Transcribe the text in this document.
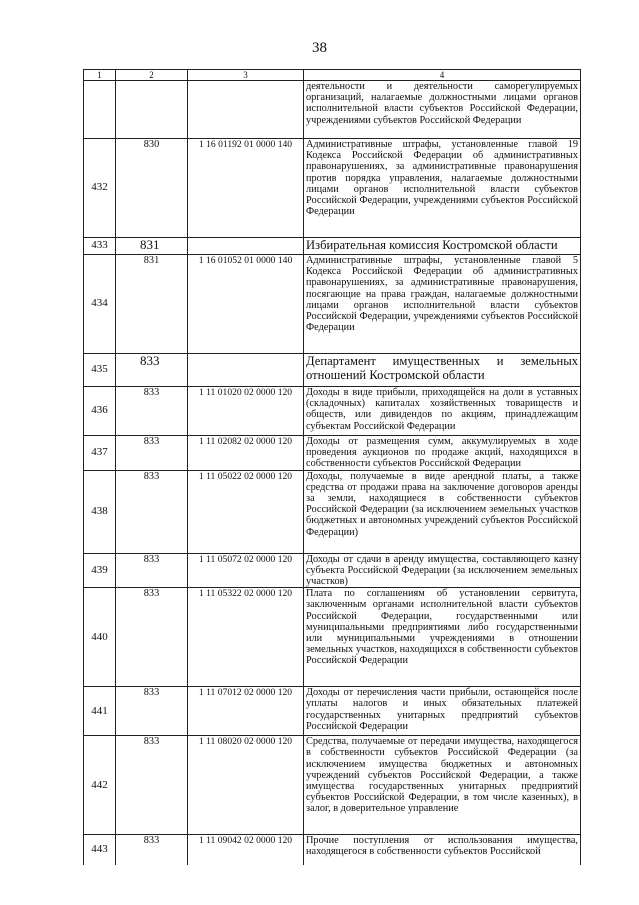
38
1	2	3	4
			деятельности и деятельности саморегулируемых организаций, налагаемые должностными лицами органов исполнительной власти субъектов Российской Федерации, учреждениями субъектов Российской Федерации
432	830	1 16 01192 01 0000 140	Административные штрафы, установленные главой 19 Кодекса Российской Федерации об административных правонарушениях, за административные правонарушения против порядка управления, налагаемые должностными лицами органов исполнительной власти субъектов Российской Федерации, учреждениями субъектов Российской Федерации
433	831		Избирательная комиссия Костромской области
434	831	1 16 01052 01 0000 140	Административные штрафы, установленные главой 5 Кодекса Российской Федерации об административных правонарушениях, за административные правонарушения, посягающие на права граждан, налагаемые должностными лицами органов исполнительной власти субъектов Российской Федерации, учреждениями субъектов Российской Федерации
435	833		Департамент имущественных и земельных отношений Костромской области
436	833	1 11 01020 02 0000 120	Доходы в виде прибыли, приходящейся на доли в уставных (складочных) капиталах хозяйственных товариществ и обществ, или дивидендов по акциям, принадлежащим субъектам Российской Федерации
437	833	1 11 02082 02 0000 120	Доходы от размещения сумм, аккумулируемых в ходе проведения аукционов по продаже акций, находящихся в собственности субъектов Российской Федерации
438	833	1 11 05022 02 0000 120	Доходы, получаемые в виде арендной платы, а также средства от продажи права на заключение договоров аренды за земли, находящиеся в собственности субъектов Российской Федерации (за исключением земельных участков бюджетных и автономных учреждений субъектов Российской Федерации)
439	833	1 11 05072 02 0000 120	Доходы от сдачи в аренду имущества, составляющего казну субъекта Российской Федерации (за исключением земельных участков)
440	833	1 11 05322 02 0000 120	Плата по соглашениям об установлении сервитута, заключенным органами исполнительной власти субъектов Российской Федерации, государственными или муниципальными предприятиями либо государственными или муниципальными учреждениями в отношении земельных участков, находящихся в собственности субъектов Российской Федерации
441	833	1 11 07012 02 0000 120	Доходы от перечисления части прибыли, остающейся после уплаты налогов и иных обязательных платежей государственных унитарных предприятий субъектов Российской Федерации
442	833	1 11 08020 02 0000 120	Средства, получаемые от передачи имущества, находящегося в собственности субъектов Российской Федерации (за исключением имущества бюджетных и автономных учреждений субъектов Российской Федерации, а также имущества государственных унитарных предприятий субъектов Российской Федерации, в том числе казенных), в залог, в доверительное управление
443	833	1 11 09042 02 0000 120	Прочие поступления от использования имущества, находящегося в собственности субъектов Российской
